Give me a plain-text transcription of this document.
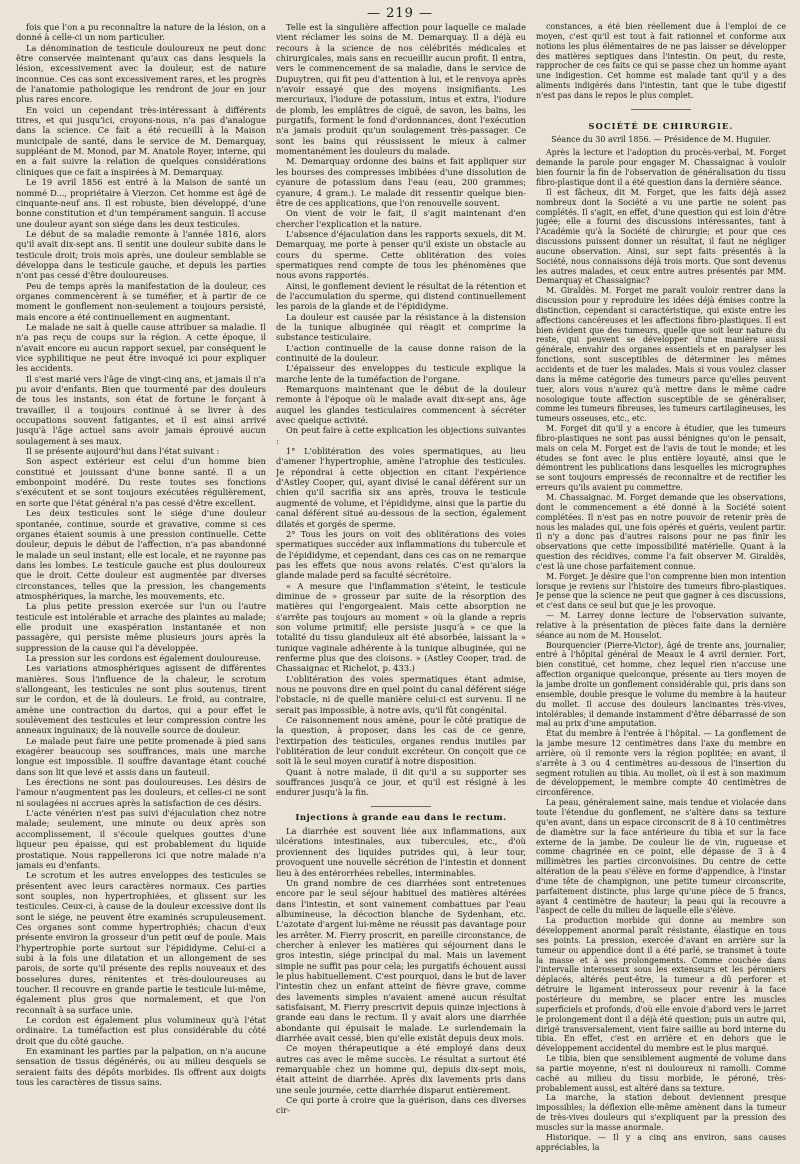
— 219 —

fois que l'on a pu reconnaître la nature de la lésion, on a donné à celle-ci un nom particulier.

La dénomination de testicule douloureux ne peut donc être conservée maintenant qu'aux cas dans lesquels la lésion, excessivement avec la douleur, est de nature inconnue. Ces cas sont excessivement rares, et les progrès de l'anatomie pathologique les rendront de jour en jour plus rares encore.

En voici un cependant très-intéressant à différents titres, et qui jusqu'ici, croyons-nous, n'a pas d'analogue dans la science. Ce fait a été recueilli à la Maison municipale de santé, dans le service de M. Demarquay, suppléant de M. Monod, par M. Anatole Royer, interne, qui en a fait suivre la relation de quelques considérations cliniques que ce fait a inspirées à M. Demarquay.

Le 19 avril 1856 est entré à la Maison de santé un nommé D..., propriétaire à Vierzon. Cet homme est âgé de cinquante-neuf ans. Il est robuste, bien développé, d'une bonne constitution et d'un tempérament sanguin. Il accuse une douleur ayant son siége dans les deux testicules.

Le début de sa maladie remonte à l'année 1816, alors qu'il avait dix-sept ans. Il sentit une douleur subite dans le testicule droit; trois mois après, une douleur semblable se développa dans le testicule gauche, et depuis les parties n'ont pas cessé d'être douloureuses.

Peu de temps après la manifestation de la douleur, ces organes commencèrent à se tuméfier, et à partir de ce moment le gonflement non-seulement a toujours persisté, mais encore a été continuellement en augmentant.

Le malade ne sait à quelle cause attribuer sa maladie. Il n'a pas reçu de coups sur la région. A cette époque, il n'avait encore eu aucun rapport sexuel, par conséquent le vice syphilitique ne peut être invoqué ici pour expliquer les accidents.

Il s'est marié vers l'âge de vingt-cinq ans, et jamais il n'a pu avoir d'enfants. Bien que tourmenté par des douleurs de tous les instants, son état de fortune le forçant à travailler, il a toujours continué à se livrer à des occupations souvent fatigantes, et il est ainsi arrivé jusqu'à l'âge actuel sans avoir jamais éprouvé aucun soulagement à ses maux.

Il se présente aujourd'hui dans l'état suivant :

Son aspect extérieur est celui d'un homme bien constitué et jouissant d'une bonne santé. Il a un embonpoint modéré. Du reste toutes ses fonctions s'exécutent et se sont toujours exécutées régulièrement, en sorte que l'état général n'a pas cessé d'être excellent.

Les deux testicules sont le siége d'une douleur spontanée, continue, sourde et gravative, comme si ces organes étaient soumis à une pression continuelle. Cette douleur, depuis le début de l'affection, n'a pas abandonné le malade un seul instant; elle est locale, et ne rayonne pas dans les lombes. Le testicule gauche est plus douloureux que le droit. Cette douleur est augmentée par diverses circonstances, telles que la pression, les changements atmosphériques, la marche, les mouvements, etc.

La plus petite pression exercée sur l'un ou l'autre testicule est intolérable et arrache des plaintes au malade; elle produit une exaspération instantanée et non passagère, qui persiste même plusieurs jours après la suppression de la cause qui l'a développée.

La pression sur les cordons est également douloureuse.

Les variations atmosphériques agissent de différentes manières. Sous l'influence de la chaleur, le scrotum s'allongeant, les testicules ne sont plus soutenus, tirent sur le cordon, et de là douleurs. Le froid, au contraire, amène une contraction du dartos, qui a pour effet le soulèvement des testicules et leur compression contre les anneaux inguinaux; de là nouvelle source de douleur.

Le malade peut faire une petite promenade à pied sans exagérer beaucoup ses souffrances, mais une marche longue est impossible. Il souffre davantage étant couché dans son lit que levé et assis dans un fauteuil.

Les érections ne sont pas douloureuses. Les désirs de l'amour n'augmentent pas les douleurs, et celles-ci ne sont ni soulagées ni accrues après la satisfaction de ces désirs.

L'acte vénérien n'est pas suivi d'éjaculation chez notre malade; seulement, une minute ou deux après son accomplissement, il s'écoule quelques gouttes d'une liqueur peu épaisse, qui est probablement du liquide prostatique. Nous rappellerons ici que notre malade n'a jamais eu d'enfants.

Le scrotum et les autres enveloppes des testicules se présentent avec leurs caractères normaux. Ces parties sont souples, non hypertrophiées, et glissent sur les testicules. Ceux-ci, à cause de la douleur excessive dont ils sont le siége, ne peuvent être examinés scrupuleusement. Ces organes sont comme hypertrophiés; chacun d'eux présente environ la grosseur d'un petit œuf de poule. Mais l'hypertrophie porte surtout sur l'épididyme. Celui-ci a subi à la fois une dilatation et un allongement de ses parois, de sorte qu'il présente des replis nouveaux et des bosselures dures, rénitentes et très-douloureuses au toucher. Il recouvre en grande partie le testicule lui-même, également plus gros que normalement, et que l'on reconnaît à sa surface unie.

Le cordon est également plus volumineux qu'à l'état ordinaire. La tuméfaction est plus considérable du côté droit que du côté gauche.

En examinant les parties par la palpation, on n'a aucune sensation de tissus dégénérés, ou au milieu desquels se seraient faits des dépôts morbides. Ils offrent aux doigts tous les caractères de tissus sains.

Telle est la singulière affection pour laquelle ce malade vient réclamer les soins de M. Demarquay. Il a déjà eu recours à la science de nos célébrités médicales et chirurgicales, mais sans en recueillir aucun profit. Il entra, vers le commencement de sa maladie, dans le service de Dupuytren, qui fit peu d'attention à lui, et le renvoya après n'avoir essayé que des moyens insignifiants. Les mercuriaux, l'iodure de potassium, intus et extra, l'iodure de plomb, les emplâtres de ciguë, de savon, les bains, les purgatifs, forment le fond d'ordonnances, dont l'exécution n'a jamais produit qu'un soulagement très-passager. Ce sont les bains qui réussissent le mieux à calmer momentanément les douleurs du malade.

M. Demarquay ordonne des bains et fait appliquer sur les bourses des compresses imbibées d'une dissolution de cyanure de potassium dans l'eau (eau, 200 grammes; cyanure, 4 gram.). Le malade dit ressentir quelque bien-être de ces applications, que l'on renouvelle souvent.

On vient de voir le fait, il s'agit maintenant d'en chercher l'explication et la nature.

L'absence d'éjaculation dans les rapports sexuels, dit M. Demarquay, me porte à penser qu'il existe un obstacle au cours du sperme. Cette oblitération des voies spermatiques rend compte de tous les phénomènes que nous avons rapportés.

Ainsi, le gonflement devient le résultat de la rétention et de l'accumulation du sperme, qui distend continuellement les parois de la glande et de l'épididyme.

La douleur est causée par la résistance à la distension de la tunique albuginée qui réagit et comprime la substance testiculaire.

L'action continuelle de la cause donne raison de la continuité de la douleur.

L'épaisseur des enveloppes du testicule explique la marche lente de la tuméfaction de l'organe.

Remarquons maintenant que le début de la douleur remonte à l'époque où le malade avait dix-sept ans, âge auquel les glandes testiculaires commencent à sécréter avec quelque activité.

On peut faire à cette explication les objections suivantes :

1° L'oblitération des voies spermatiques, au lieu d'amener l'hypertrophie, amène l'atrophie des testicules. Je répondrai à cette objection en citant l'expérience d'Astley Cooper, qui, ayant divisé le canal déférent sur un chien qu'il sacrifia six ans après, trouva le testicule augmenté de volume, et l'épididyme, ainsi que la partie du canal déférent situé au-dessous de la section, également dilatés et gorgés de sperme.

2° Tous les jours on voit des oblitérations des voies spermatiques succéder aux inflammations du tubercule et de l'épididyme, et cependant, dans ces cas on ne remarque pas les effets que nous avons relatés. C'est qu'alors la glande malade perd sa faculté sécrétoire.

« A mesure que l'inflammation s'éteint, le testicule diminue de » grosseur par suite de la résorption des matières qui l'engorgeaient. Mais cette absorption ne s'arrête pas toujours au moment » où la glande a repris son volume primitif; elle persiste jusqu'à » ce que la totalité du tissu glanduleux ait été absorbée, laissant la » tunique vaginale adhérente à la tunique albuginée, qui ne renferme plus que des cloisons. » (Astley Cooper, trad. de Chassaignac et Richelot, p. 433.)

L'oblitération des voies spermatiques étant admise, nous ne pouvons dire en quel point du canal déférent siége l'obstacle, ni de quelle manière celui-ci est survenu. Il ne serait pas impossible, à notre avis, qu'il fût congénital.

Ce raisonnement nous amène, pour le côté pratique de la question, à proposer, dans les cas de ce genre, l'extirpation des testicules, organes rendus inutiles par l'oblitération de leur conduit excréteur. On conçoit que ce soit là le seul moyen curatif à notre disposition.

Quant à notre malade, il dit qu'il a su supporter ses souffrances jusqu'à ce jour, et qu'il est résigné à les endurer jusqu'à la fin.

Injections à grande eau dans le rectum.

La diarrhée est souvent liée aux inflammations, aux ulcérations intestinales, aux tubercules, etc., d'où proviennent des liquides putrides qui, à leur tour, provoquent une nouvelle sécrétion de l'intestin et donnent lieu à des entérorrhées rebelles, interminables.

Un grand nombre de ces diarrhées sont entretenues encore par le seul séjour habituel des matières altérées dans l'intestin, et sont vainement combattues par l'eau albumineuse, la décoction blanche de Sydenham, etc. L'azotate d'argent lui-même ne réussit pas davantage pour les arrêter. M. Fierry proscrit, en pareille circonstance, de chercher à enlever les matières qui séjournent dans le gros intestin, siége principal du mal. Mais un lavement simple ne suffit pas pour cela; les purgatifs échouent aussi le plus habituellement. C'est pourquoi, dans le but de laver l'intestin chez un enfant atteint de fièvre grave, comme des lavements simples n'avaient amené aucun résultat satisfaisant, M. Fierry prescrivit depuis quinze injections à grande eau dans le rectum. Il y avait alors une diarrhée abondante qui épuisait le malade. Le surlendemain la diarrhée avait cessé, bien qu'elle existât depuis deux mois.

Ce moyen thérapeutique a été employé dans deux autres cas avec le même succès. Le résultat a surtout été remarquable chez un homme qui, depuis dix-sept mois, était atteint de diarrhée. Après dix lavements pris dans une seule journée, cette diarrhée disparut entièrement.

Ce qui porte à croire que la guérison, dans ces diverses cir-

constances, a été bien réellement due à l'emploi de ce moyen, c'est qu'il est tout à fait rationnel et conforme aux notions les plus élémentaires de ne pas laisser se développer des matières septiques dans l'intestin. On peut, du reste, rapprocher de ces faits ce qui se passe chez un homme ayant une indigestion. Cet homme est malade tant qu'il y a des aliments indigérés dans l'intestin, tant que le tube digestif n'est pas dans le repos le plus complet.

SOCIÉTÉ DE CHIRURGIE.
Séance du 30 avril 1856. — Présidence de M. Huguier.

Après la lecture et l'adoption du procès-verbal, M. Forget demande la parole pour engager M. Chassaignac à vouloir bien fournir la fin de l'observation de généralisation du tissu fibro-plastique dont il a été question dans la dernière séance.

Il est fâcheux, dit M. Forget, que les faits déjà assez nombreux dont la Société a vu une partie ne soient pas complétés. Il s'agit, en effet, d'une question qui est loin d'être jugée; elle a fourni des discussions intéressantes, tant à l'Académie qu'à la Société de chirurgie; et pour que ces discussions puissent donner un résultat, il faut ne négliger aucune observation. Ainsi, sur sept faits présentés à la Société, nous connaissons déjà trois morts. Que sont devenus les autres malades, et ceux entre autres présentés par MM. Demarquay et Chassaignac?

M. Giraldès. M. Forget me paraît vouloir rentrer dans la discussion pour y reproduire les idées déjà émises contre la distinction, cependant si caractéristique, qui existe entre les affections cancéreuses et les affections fibro-plastiques. Il est bien évident que des tumeurs, quelle que soit leur nature du reste, qui peuvent se développer d'une manière aussi générale, envahir des organes essentiels et en paralyser les fonctions, sont susceptibles de déterminer les mêmes accidents et de tuer les malades. Mais si vous voulez classer dans la même catégorie des tumeurs parce qu'elles peuvent tuer, alors vous n'aurez qu'à mettre dans le même cadre nosologique toute affection susceptible de se généraliser, comme les tumeurs fibreuses, les tumeurs cartilagineuses, les tumeurs osseuses, etc., etc.

M. Forget dit qu'il y a encore à étudier, que les tumeurs fibro-plastiques ne sont pas aussi bénignes qu'on le pensait, mais on cela M. Forget est de l'avis de tout le monde; et les études se font avec le plus entière loyauté, ainsi que le démontrent les publications dans lesquelles les micrographes se sont toujours empressés de reconnaître et de rectifier les erreurs qu'ils avaient pu commettre.

M. Chassaignac. M. Forget demande que les observations, dont le commencement a été donné à la Société soient complétées. Il n'est pas en notre pouvoir de retenir près de nous les malades qui, une fois opérés et guéris, veulent partir. Il n'y a donc pas d'autres raisons pour ne pas finir les observations que cette impossibilité matérielle. Quant à la question des récidives, comme l'a fait observer M. Giraldès, c'est là une chose parfaitement connue.

M. Forget. Je désire que l'on comprenne bien mon intention lorsque je reviens sur l'histoire des tumeurs fibro-plastiques. Je pense que la science ne peut que gagner à ces discussions, et c'est dans ce seul but que je les provoque.

— M. Larrey donne lecture de l'observation suivante, relative à la présentation de pièces faite dans la dernière séance au nom de M. Houselot.

Bourquencier (Pierre-Victor), âgé de trente ans, journalier, entré à l'hôpital général de Meaux le 4 avril dernier. Fort, bien constitué, cet homme, chez lequel rien n'accuse une affection organique quelconque, présente au tiers moyen de la jambe droite un gonflement considérable qui, pris dans son ensemble, double presque le volume du membre à la hauteur du mollet. Il accuse des douleurs lancinantes très-vives, intolérables; il demande instamment d'être débarrassé de son mal au prix d'une amputation.

État du membre à l'entrée à l'hôpital. — La gonflement de la jambe mesure 12 centimètres dans l'axe du membre en arrière, où il remonte vers la région poplitée; en avant, il s'arrête à 3 ou 4 centimètres au-dessous de l'insertion du segment rotulien au tibia. Au mollet, où il est à son maximum de développement, le membre compte 40 centimètres de circonférence.

La peau, généralement saine, mais tendue et violacée dans toute l'étendue du gonflement, ne s'altère dans sa texture qu'en avant, dans un espace circonscrit de 8 à 10 centimètres de diamètre sur la face antérieure du tibia et sur la face externe de la jambe. De couleur lie de vin, rugueuse et comme chagrinée en ce point, elle dépasse de 3 à 4 millimètres les parties circonvoisines. Du centre de cette altération de la peau s'élève en forme d'appendice, à l'instar d'une tête de champignon, une petite tumeur circonscrite, parfaitement distincte, plus large qu'une pièce de 5 francs, ayant 4 centimètre de hauteur; la peau qui la recouvre a l'aspect de celle du milieu de laquelle elle s'élève.

La production morbide qui donne au membre son développement anormal paraît résistante, élastique en tous ses points. La pression, exercée d'avant en arrière sur la tumeur ou appendice dont il a été parlé, se transmet à toute la masse et à ses prolongements. Comme couchée dans l'intervalle interosseux sous les extenseurs et les péroniers déplacés, altérés peut-être, la tumeur a dû perforer et détruire le ligament interosseux pour revenir à la face postérieure du membre, se placer entre les muscles superficiels et profonds, d'où elle envoie d'abord vers le jarret le prolongement dont il a déjà été question; puis un autre qui, dirigé transversalement, vient faire saillie au bord interne du tibia. En effet, c'est en arrière et en dehors que le développement accidentel du membre est le plus marqué.

Le tibia, bien que sensiblement augmenté de volume dans sa partie moyenne, n'est ni douloureux ni ramolli. Comme caché au milieu du tissu morbide, le péroné, très-probablement aussi, est altéré dans sa texture.

La marche, la station debout deviennent presque impossibles; la déflexion elle-même amènent dans la tumeur de très-vives douleurs qui s'expliquent par la pression des muscles sur la masse anormale.

Historique. — Il y a cinq ans environ, sans causes appréciables, la
